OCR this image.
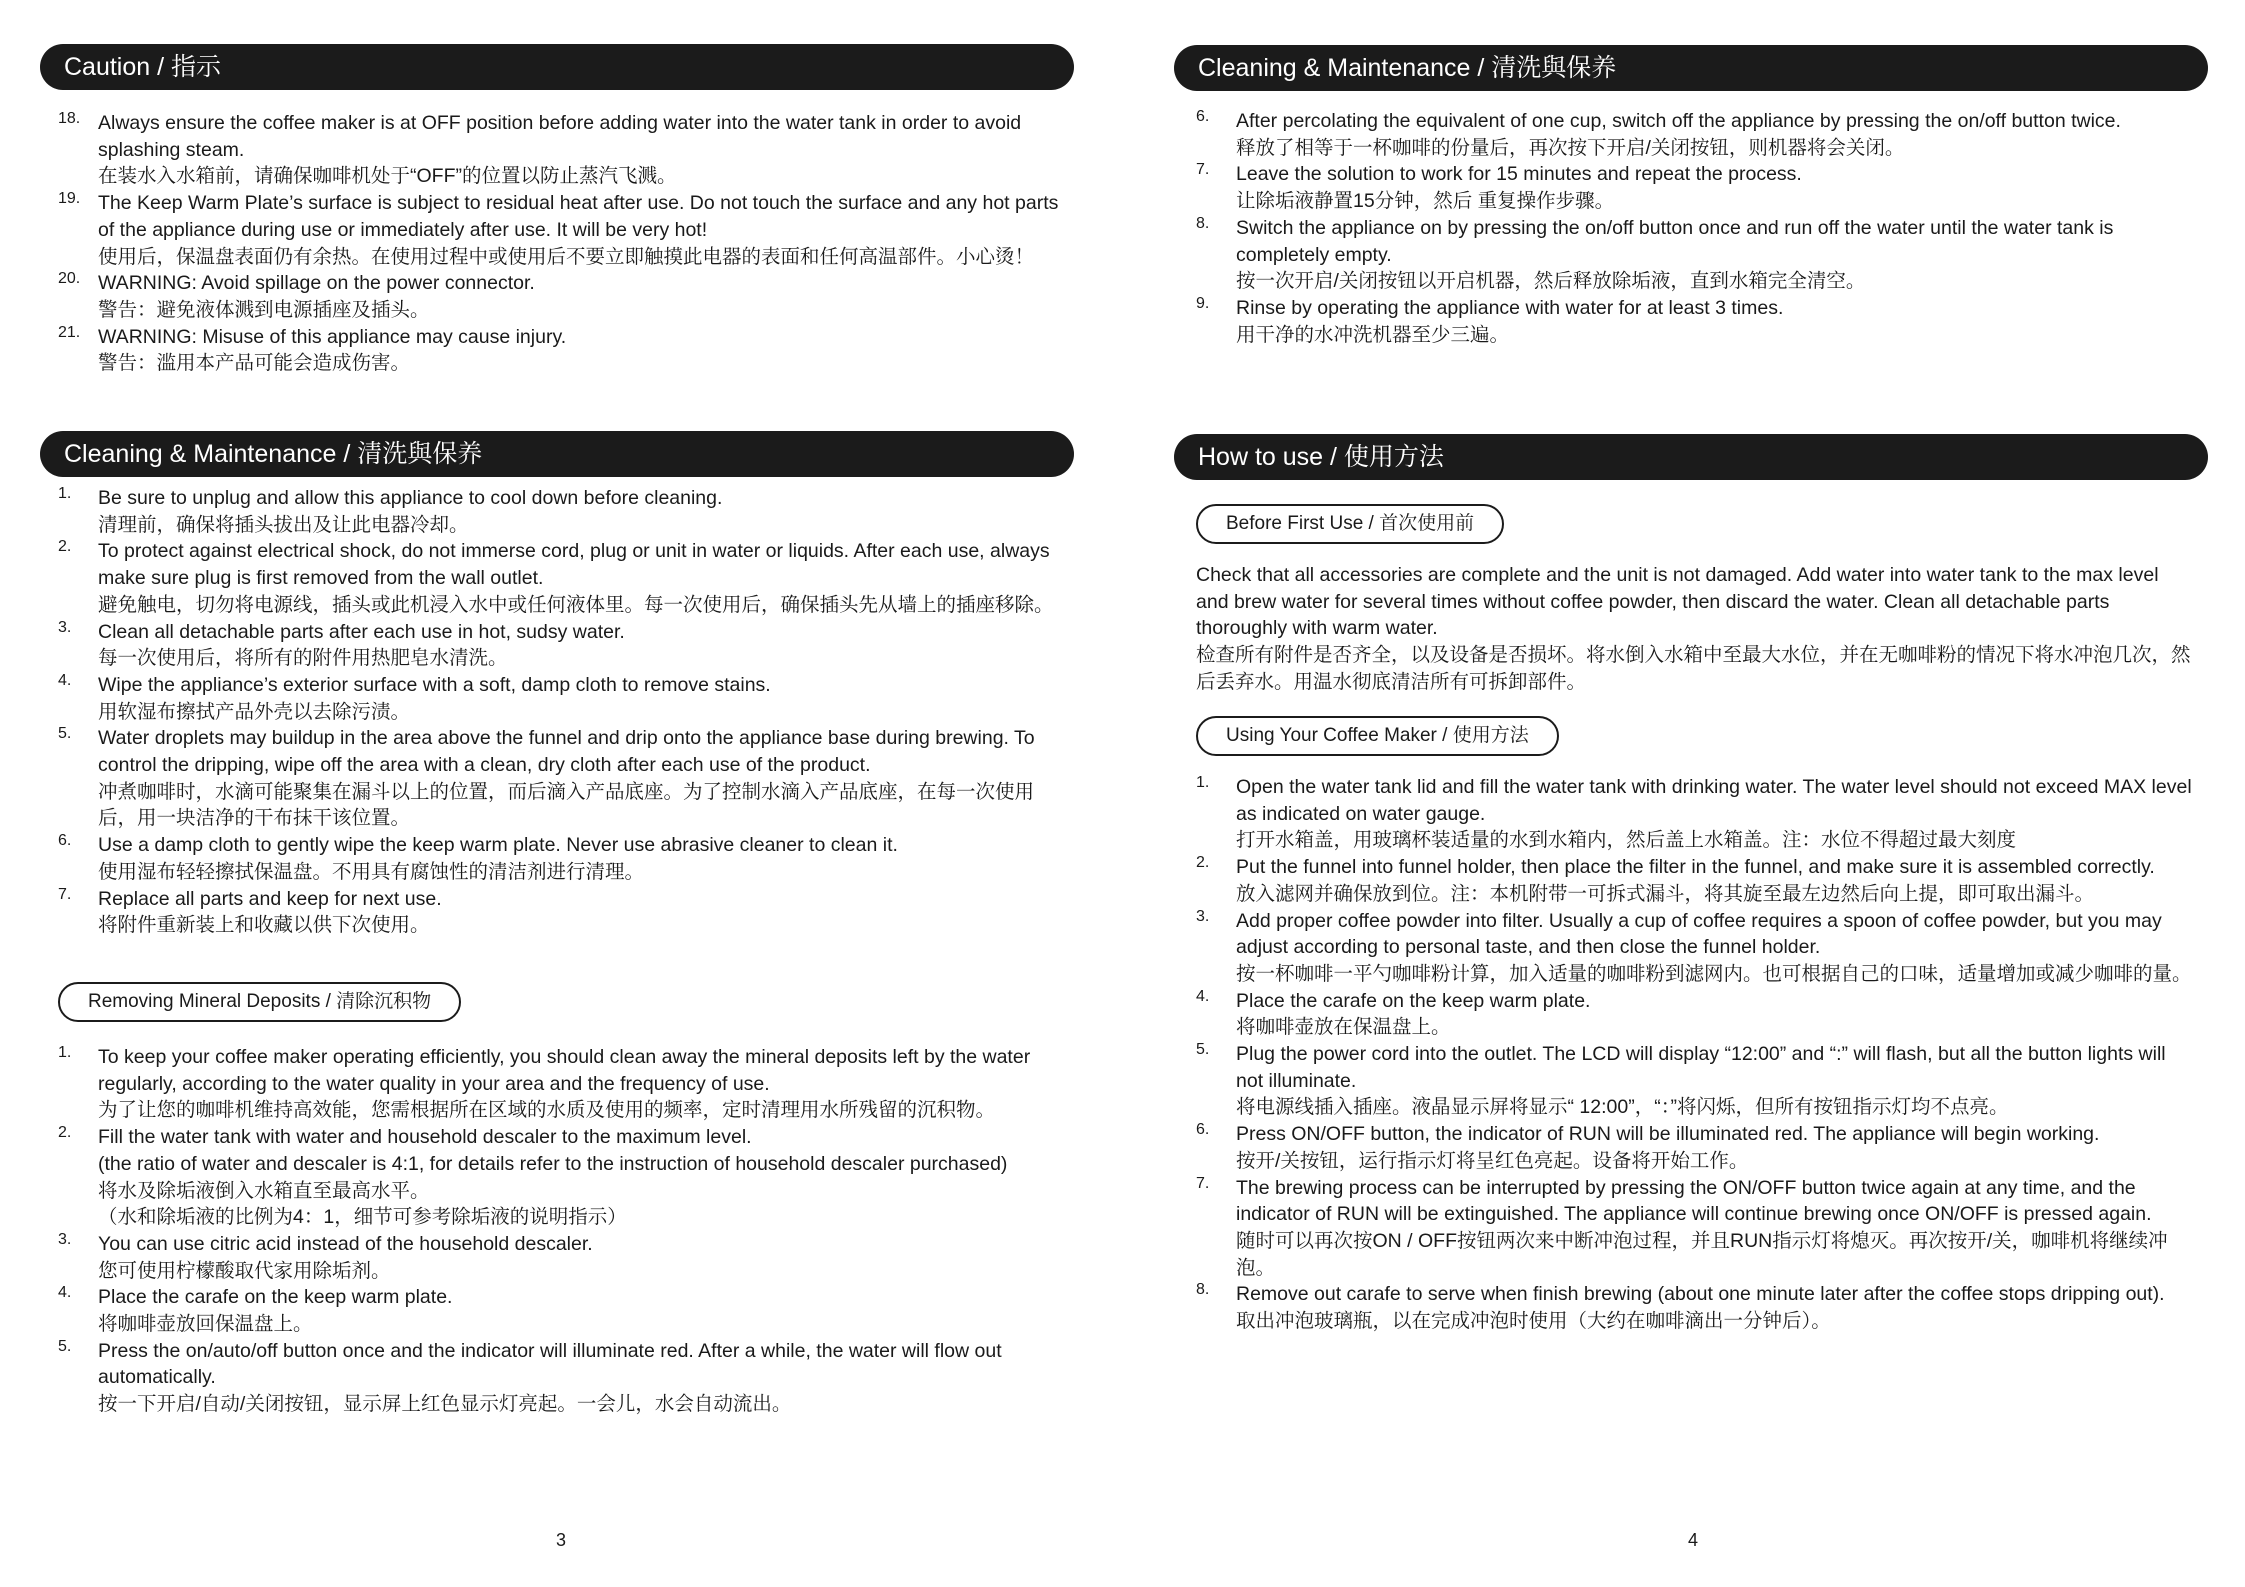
Caution / 指示
18. Always ensure the coffee maker is at OFF position before adding water into the water tank in order to avoid splashing steam.
在装水入水箱前，请确保咖啡机处于“OFF”的位置以防止蒸汽飞溅。
19. The Keep Warm Plate’s surface is subject to residual heat after use. Do not touch the surface and any hot parts of the appliance during use or immediately after use. It will be very hot!
使用后，保温盘表面仍有余热。在使用过程中或使用后不要立即触摸此电器的表面和任何高温部件。小心烫！
20. WARNING: Avoid spillage on the power connector.
警告：避免液体溅到电源插座及插头。
21. WARNING: Misuse of this appliance may cause injury.
警告：滥用本产品可能会造成伤害。
Cleaning & Maintenance / 清洗與保养
1. Be sure to unplug and allow this appliance to cool down before cleaning.
清理前，确保将插头拔出及让此电器冷却。
2. To protect against electrical shock, do not immerse cord, plug or unit in water or liquids. After each use, always make sure plug is first removed from the wall outlet.
避免触电，切勿将电源线，插头或此机浸入水中或任何液体里。每一次使用后，确保插头先从墙上的插座移除。
3. Clean all detachable parts after each use in hot, sudsy water.
每一次使用后，将所有的附件用热肥皂水清洗。
4. Wipe the appliance’s exterior surface with a soft, damp cloth to remove stains.
用软湿布擦拭产品外壳以去除污渍。
5. Water droplets may buildup in the area above the funnel and drip onto the appliance base during brewing. To control the dripping, wipe off the area with a clean, dry cloth after each use of the product.
冲煮咖啡时，水滴可能聚集在漏斗以上的位置，而后滴入产品底座。为了控制水滴入产品底座，在每一次使用后，用一块洁净的干布抹干该位置。
6. Use a damp cloth to gently wipe the keep warm plate. Never use abrasive cleaner to clean it.
使用湿布轻轻擦拭保温盘。不用具有腐蚀性的清洁剂进行清理。
7. Replace all parts and keep for next use.
将附件重新装上和收藏以供下次使用。
Removing Mineral Deposits / 清除沉积物
1. To keep your coffee maker operating efficiently, you should clean away the mineral deposits left by the water regularly, according to the water quality in your area and the frequency of use.
为了让您的咖啡机维持高效能，您需根据所在区域的水质及使用的频率，定时清理用水所残留的沉积物。
2. Fill the water tank with water and household descaler to the maximum level.
(the ratio of water and descaler is 4:1, for details refer to the instruction of household descaler purchased)
将水及除垢液倒入水箱直至最高水平。
（水和除垢液的比例为4：1，细节可参考除垢液的说明指示）
3. You can use citric acid instead of the household descaler.
您可使用柠檬酸取代家用除垢剂。
4. Place the carafe on the keep warm plate.
将咖啡壶放回保温盘上。
5. Press the on/auto/off button once and the indicator will illuminate red. After a while, the water will flow out automatically.
按一下开启/自动/关闭按钮，显示屏上红色显示灯亮起。一会儿，水会自动流出。
3
Cleaning & Maintenance / 清洗與保养
6. After percolating the equivalent of one cup, switch off the appliance by pressing the on/off button twice.
释放了相等于一杯咖啡的份量后，再次按下开启/关闭按钮，则机器将会关闭。
7. Leave the solution to work for 15 minutes and repeat the process.
让除垢液静置15分钟，然后 重复操作步骤。
8. Switch the appliance on by pressing the on/off button once and run off the water until the water tank is completely empty.
按一次开启/关闭按钮以开启机器，然后释放除垢液，直到水箱完全清空。
9. Rinse by operating the appliance with water for at least 3 times.
用干净的水冲洗机器至少三遍。
How to use / 使用方法
Before First Use / 首次使用前
Check that all accessories are complete and the unit is not damaged. Add water into water tank to the max level and brew water for several times without coffee powder, then discard the water. Clean all detachable parts thoroughly with warm water.
检查所有附件是否齐全，以及设备是否损坏。将水倒入水箱中至最大水位，并在无咖啡粉的情况下将水冲泡几次，然后丢弃水。用温水彻底清洁所有可拆卸部件。
Using Your Coffee Maker / 使用方法
1. Open the water tank lid and fill the water tank with drinking water. The water level should not exceed MAX level as indicated on water gauge.
打开水箱盖，用玻璃杯装适量的水到水箱内，然后盖上水箱盖。注：水位不得超过最大刻度
2. Put the funnel into funnel holder, then place the filter in the funnel, and make sure it is assembled correctly.
放入滤网并确保放到位。注：本机附带一可拆式漏斗，将其旋至最左边然后向上提，即可取出漏斗。
3. Add proper coffee powder into filter. Usually a cup of coffee requires a spoon of coffee powder, but you may adjust according to personal taste, and then close the funnel holder.
按一杯咖啡一平勺咖啡粉计算，加入适量的咖啡粉到滤网内。也可根据自己的口味，适量增加或减少咖啡的量。
4. Place the carafe on the keep warm plate.
将咖啡壶放在保温盘上。
5. Plug the power cord into the outlet. The LCD will display “12:00” and “:” will flash, but all the button lights will not illuminate.
将电源线插入插座。液晶显示屏将显示“ 12:00”，“：”将闪烁，但所有按钮指示灯均不点亮。
6. Press ON/OFF button, the indicator of RUN will be illuminated red. The appliance will begin working.
按开/关按钮，运行指示灯将呈红色亮起。设备将开始工作。
7. The brewing process can be interrupted by pressing the ON/OFF button twice again at any time, and the indicator of RUN will be extinguished. The appliance will continue brewing once ON/OFF is pressed again.
随时可以再次按ON / OFF按钮两次来中断冲泡过程，并且RUN指示灯将熄灭。再次按开/关，咖啡机将继续冲泡。
8. Remove out carafe to serve when finish brewing (about one minute later after the coffee stops dripping out).
取出冲泡玻璃瓶，以在完成冲泡时使用（大约在咖啡滴出一分钟后）。
4
